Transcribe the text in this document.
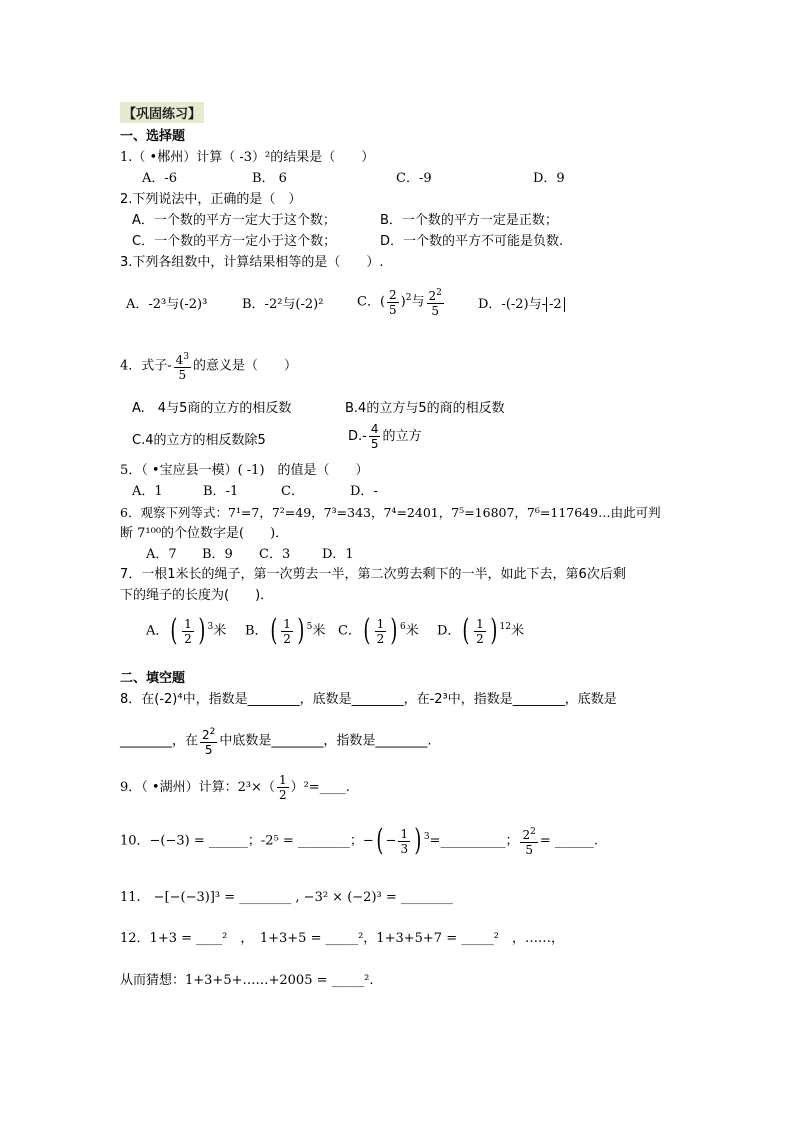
【巩固练习】
一、选择题
1.（ •郴州）计算（ -3）²的结果是（　　）
A．-6	B． 6	C．-9	D．9
2.下列说法中，正确的是（　）
A．一个数的平方一定大于这个数；	B．一个数的平方一定是正数；
C．一个数的平方一定小于这个数；	D．一个数的平方不可能是负数.
3.下列各组数中，计算结果相等的是（　　）.
A．-2³与(-2)³	B．-2²与(-2)²	C．( $\frac{2}{5} )^2$与 $\frac{2^2}{5}$	D．-(-2)与- -2
4．式子- $\frac{4^3}{5}$ 的意义是（　　）
A.　4与5商的立方的相反数	B.4的立方与5的商的相反数
C.4的立方的相反数除5	$D.- \frac{4}{5}$ 的立方
5．（ •宝应县一模）( -1)　的值是（　　）
A．1	B．-1	C．	D．-
6．观察下列等式：7¹=7，7²=49，7³=343，7⁴=2401，7⁵=16807，7⁶=117649…由此可判
断 7¹⁰⁰的个位数字是(　　)．
A．7 B．9 C．3 D．1
7．一根1米长的绳子，第一次剪去一半，第二次剪去剩下的一半，如此下去，第6次后剩
下的绳子的长度为(　　)．
A．( $\frac{1}{2}$ ) $^3$米 B．( $\frac{1}{2}$ ) $^5$米 C．( $\frac{1}{2}$ ) $^6$米 D．( $\frac{1}{2}$ ) $^{12}$米
二、填空题
8．在(-2)⁴中，指数是________，底数是________，在-2³中，指数是________，底数是
________，在 $\frac{2^2}{5}$ 中底数是________，指数是________.
9．（ •湖州）计算：$2^3\times( \frac{1}{2}$ ）²=____.
10．−(−3) = ______；-2⁵ = ________；−( − $\frac{1}{3}$ ) $^3$=__________； $\frac{2^2}{5}$ = ______.
11.　−[−(−3)]³ = ________ , −3² × (−2)³ = ________
12．1+3 = ____²　，　1+3+5 = _____²，1+3+5+7 = _____²　，……，
从而猜想：1+3+5+……+2005 = _____².
